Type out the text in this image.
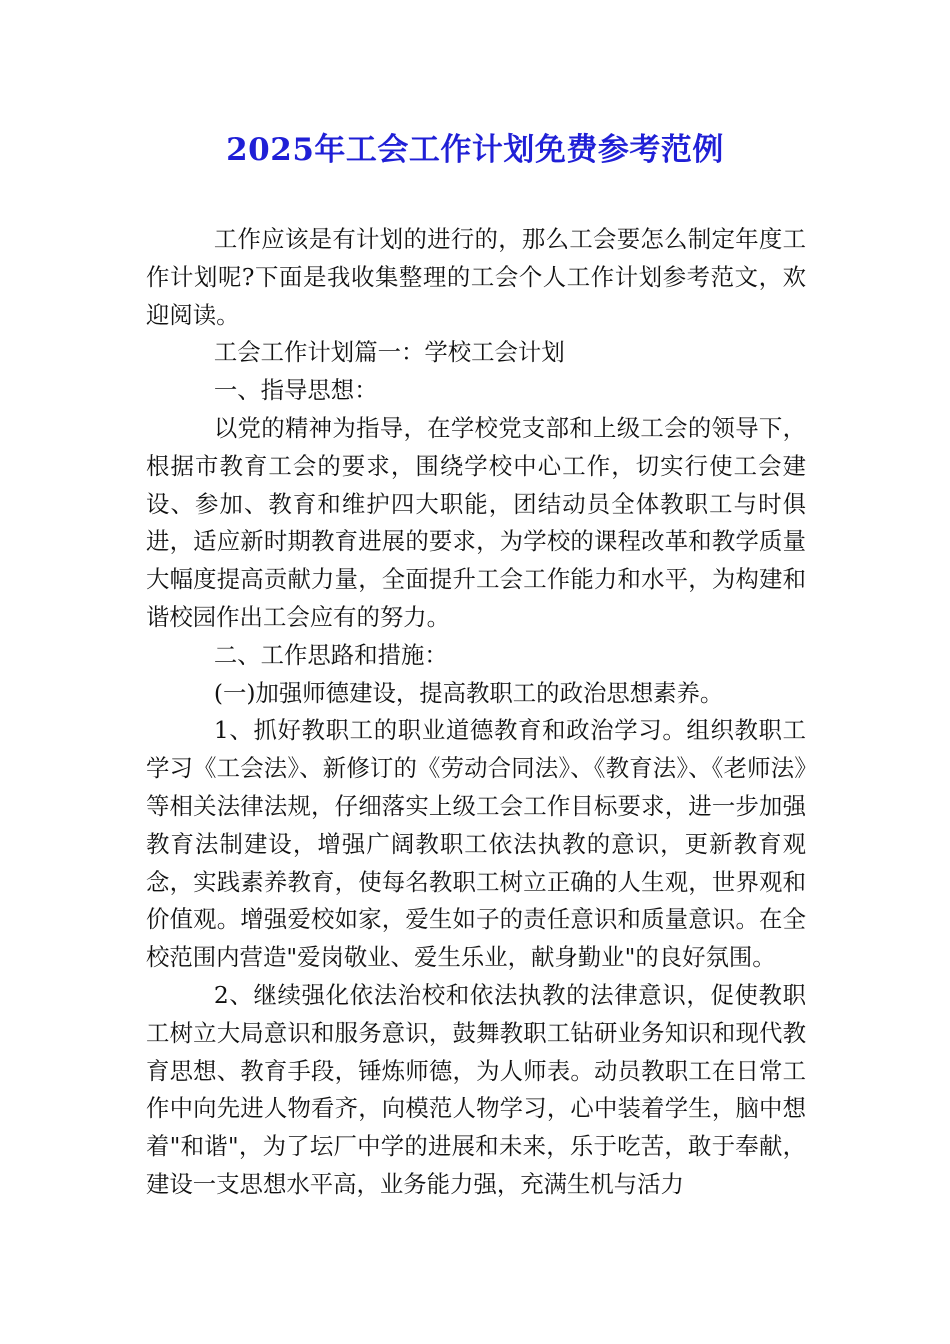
2025年工会工作计划免费参考范例

工作应该是有计划的进行的，那么工会要怎么制定年度工作计划呢?下面是我收集整理的工会个人工作计划参考范文，欢迎阅读。

工会工作计划篇一：学校工会计划

一、指导思想：

以党的精神为指导，在学校党支部和上级工会的领导下，根据市教育工会的要求，围绕学校中心工作，切实行使工会建设、参加、教育和维护四大职能，团结动员全体教职工与时俱进，适应新时期教育进展的要求，为学校的课程改革和教学质量大幅度提高贡献力量，全面提升工会工作能力和水平，为构建和谐校园作出工会应有的努力。

二、工作思路和措施：

(一)加强师德建设，提高教职工的政治思想素养。

1、抓好教职工的职业道德教育和政治学习。组织教职工学习《工会法》、新修订的《劳动合同法》、《教育法》、《老师法》等相关法律法规，仔细落实上级工会工作目标要求，进一步加强教育法制建设，增强广阔教职工依法执教的意识，更新教育观念，实践素养教育，使每名教职工树立正确的人生观，世界观和价值观。增强爱校如家，爱生如子的责任意识和质量意识。在全校范围内营造"爱岗敬业、爱生乐业，献身勤业"的良好氛围。

2、继续强化依法治校和依法执教的法律意识，促使教职工树立大局意识和服务意识，鼓舞教职工钻研业务知识和现代教育思想、教育手段，锤炼师德，为人师表。动员教职工在日常工作中向先进人物看齐，向模范人物学习，心中装着学生，脑中想着"和谐"，为了坛厂中学的进展和未来，乐于吃苦，敢于奉献，建设一支思想水平高，业务能力强，充满生机与活力
